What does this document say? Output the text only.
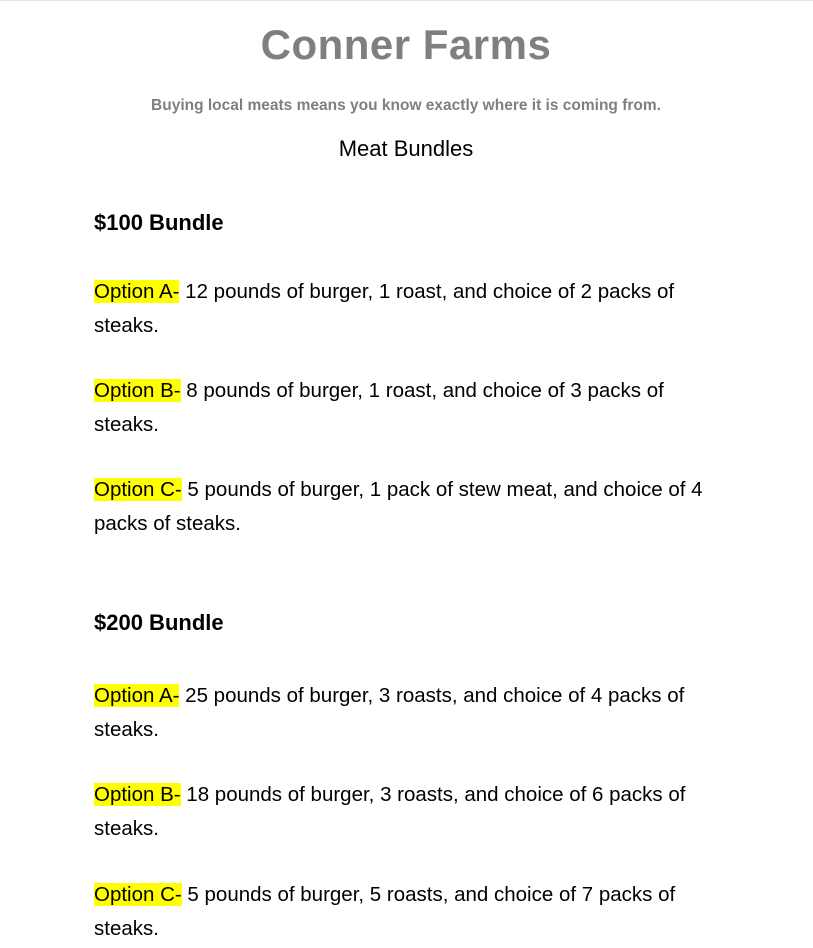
Conner Farms
Buying local meats means you know exactly where it is coming from.
Meat Bundles
$100 Bundle
Option A- 12 pounds of burger, 1 roast, and choice of 2 packs of steaks.
Option B- 8 pounds of burger, 1 roast, and choice of 3 packs of steaks.
Option C- 5 pounds of burger, 1 pack of stew meat, and choice of 4 packs of steaks.
$200 Bundle
Option A- 25 pounds of burger, 3 roasts, and choice of 4 packs of steaks.
Option B- 18 pounds of burger, 3 roasts, and choice of 6 packs of steaks.
Option C- 5 pounds of burger, 5 roasts, and choice of 7 packs of steaks.
